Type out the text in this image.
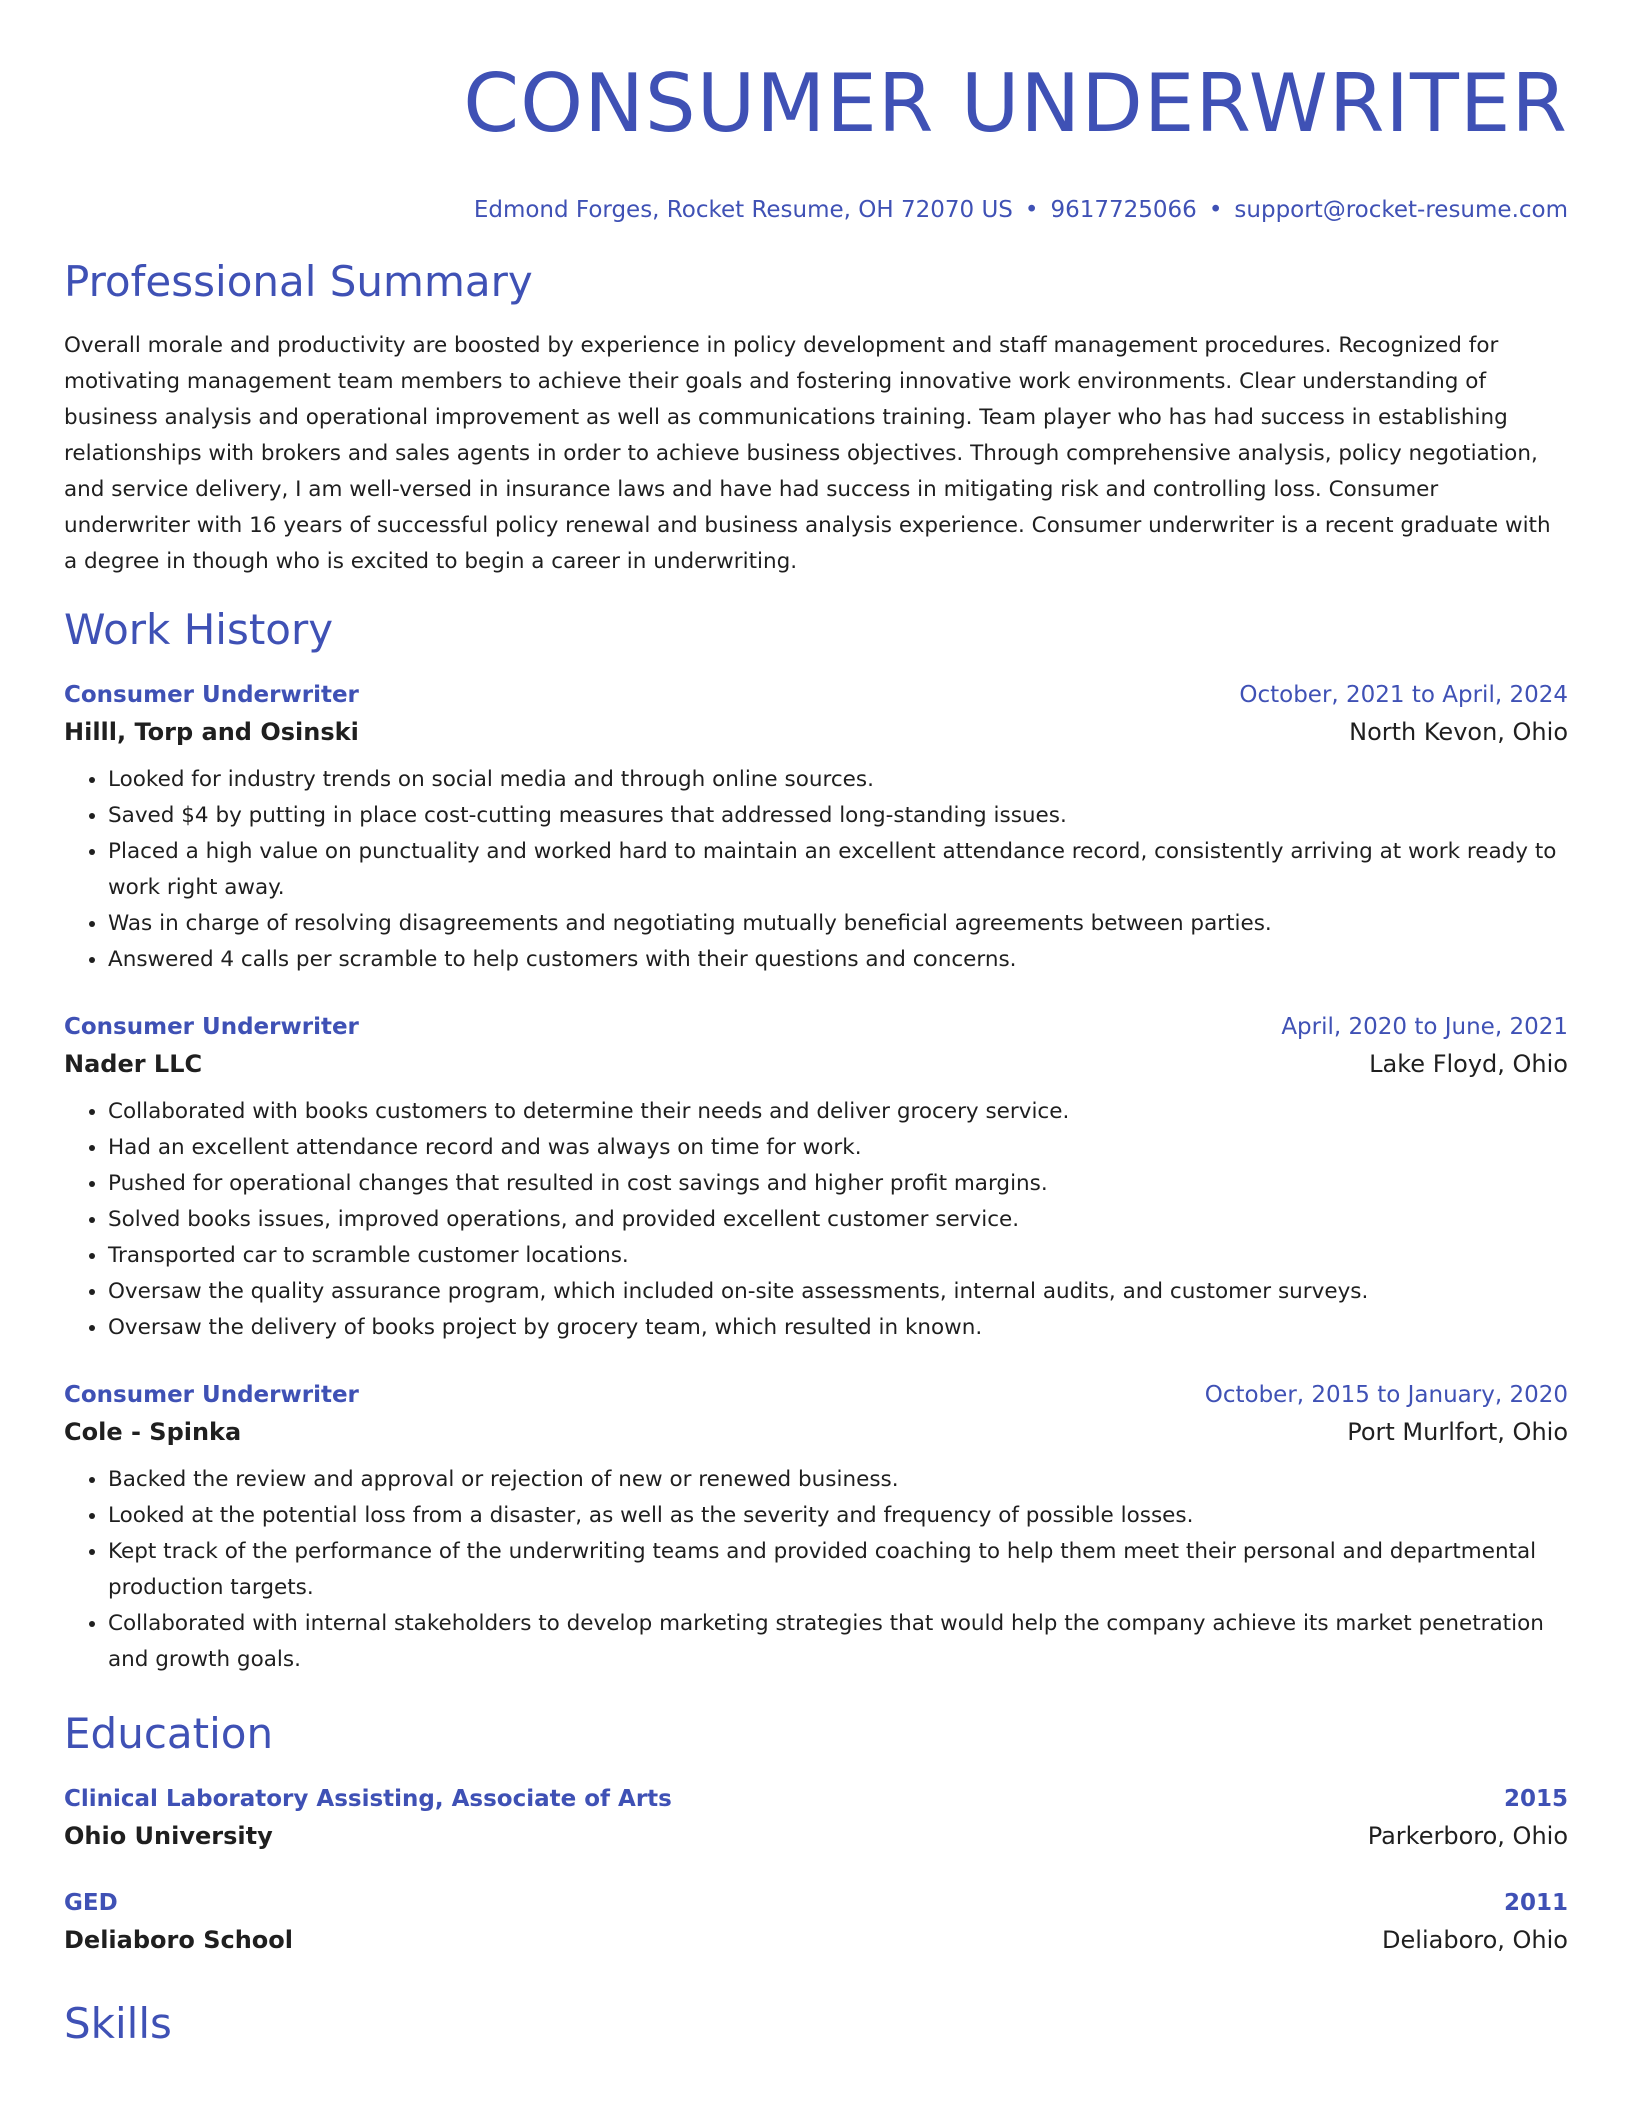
CONSUMER UNDERWRITER
Edmond Forges, Rocket Resume, OH 72070 US • 9617725066 • support@rocket-resume.com
Professional Summary

Overall morale and productivity are boosted by experience in policy development and staff management procedures. Recognized for motivating management team members to achieve their goals and fostering innovative work environments. Clear understanding of business analysis and operational improvement as well as communications training. Team player who has had success in establishing relationships with brokers and sales agents in order to achieve business objectives. Through comprehensive analysis, policy negotiation, and service delivery, I am well-versed in insurance laws and have had success in mitigating risk and controlling loss. Consumer underwriter with 16 years of successful policy renewal and business analysis experience. Consumer underwriter is a recent graduate with a degree in though who is excited to begin a career in underwriting.

Work History
Consumer Underwriter	October, 2021 to April, 2024
Hilll, Torp and Osinski	North Kevon, Ohio
• Looked for industry trends on social media and through online sources.
• Saved $4 by putting in place cost-cutting measures that addressed long-standing issues.
• Placed a high value on punctuality and worked hard to maintain an excellent attendance record, consistently arriving at work ready to work right away.
• Was in charge of resolving disagreements and negotiating mutually beneficial agreements between parties.
• Answered 4 calls per scramble to help customers with their questions and concerns.
Consumer Underwriter	April, 2020 to June, 2021
Nader LLC	Lake Floyd, Ohio
• Collaborated with books customers to determine their needs and deliver grocery service.
• Had an excellent attendance record and was always on time for work.
• Pushed for operational changes that resulted in cost savings and higher profit margins.
• Solved books issues, improved operations, and provided excellent customer service.
• Transported car to scramble customer locations.
• Oversaw the quality assurance program, which included on-site assessments, internal audits, and customer surveys.
• Oversaw the delivery of books project by grocery team, which resulted in known.
Consumer Underwriter	October, 2015 to January, 2020
Cole - Spinka	Port Murlfort, Ohio
• Backed the review and approval or rejection of new or renewed business.
• Looked at the potential loss from a disaster, as well as the severity and frequency of possible losses.
• Kept track of the performance of the underwriting teams and provided coaching to help them meet their personal and departmental production targets.
• Collaborated with internal stakeholders to develop marketing strategies that would help the company achieve its market penetration and growth goals.
Education
Clinical Laboratory Assisting, Associate of Arts	2015
Ohio University	Parkerboro, Ohio
GED	2011
Deliaboro School	Deliaboro, Ohio
Skills
